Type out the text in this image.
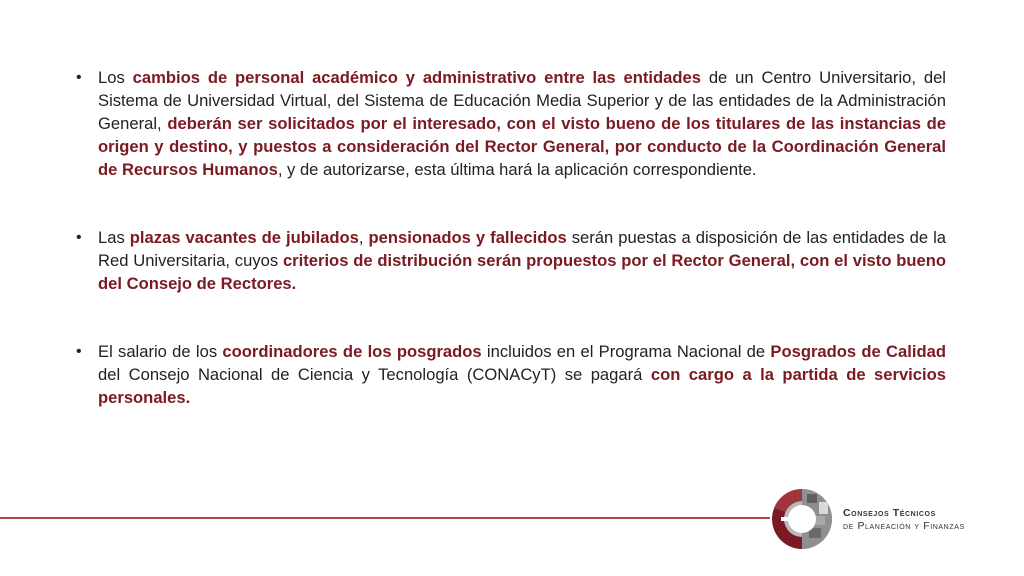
• Los cambios de personal académico y administrativo entre las entidades de un Centro Universitario, del Sistema de Universidad Virtual, del Sistema de Educación Media Superior y de las entidades de la Administración General, deberán ser solicitados por el interesado, con el visto bueno de los titulares de las instancias de origen y destino, y puestos a consideración del Rector General, por conducto de la Coordinación General de Recursos Humanos, y de autorizarse, esta última hará la aplicación correspondiente.
• Las plazas vacantes de jubilados, pensionados y fallecidos serán puestas a disposición de las entidades de la Red Universitaria, cuyos criterios de distribución serán propuestos por el Rector General, con el visto bueno del Consejo de Rectores.
• El salario de los coordinadores de los posgrados incluidos en el Programa Nacional de Posgrados de Calidad del Consejo Nacional de Ciencia y Tecnología (CONACyT) se pagará con cargo a la partida de servicios personales.
Consejos Técnicos
de Planeación y Finanzas
